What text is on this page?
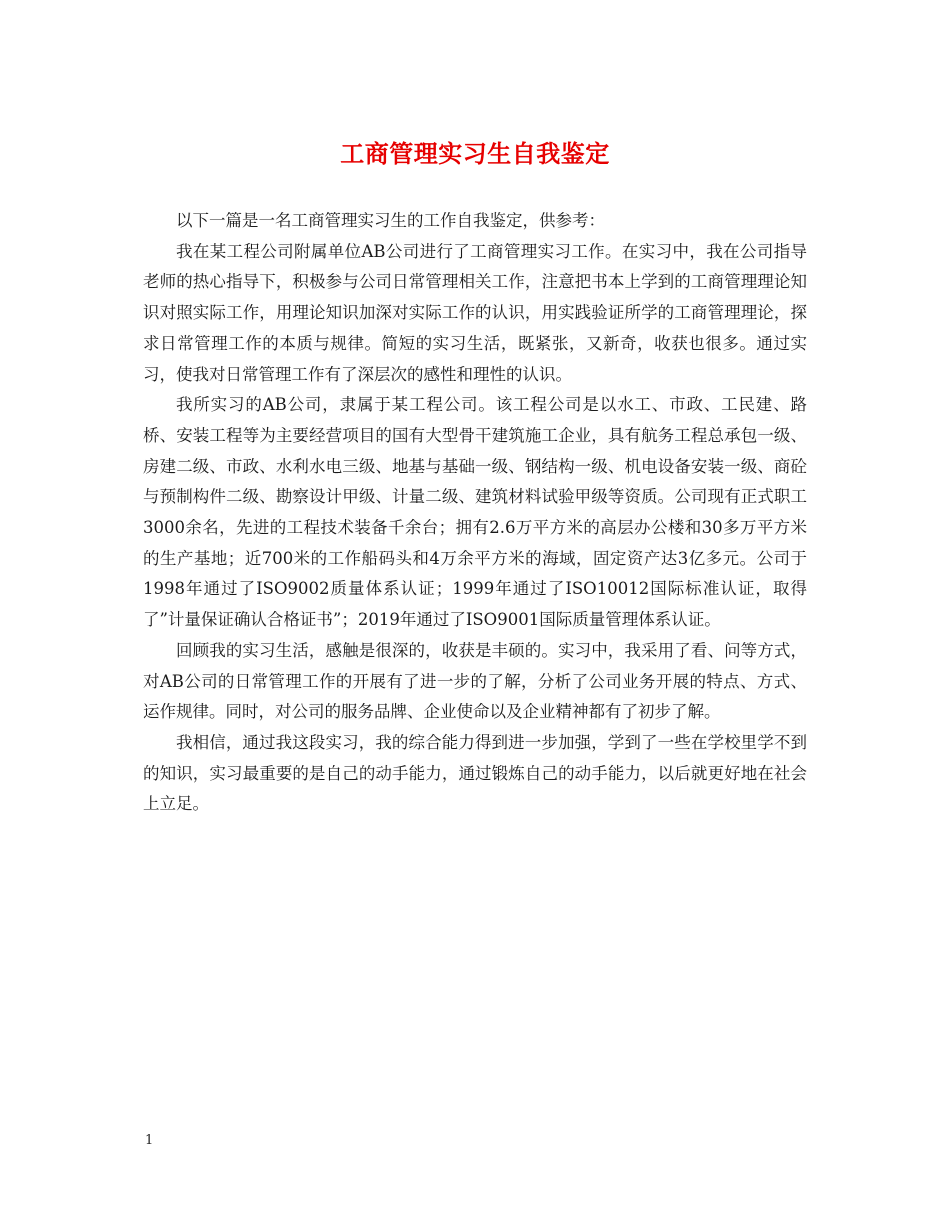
工商管理实习生自我鉴定

以下一篇是一名工商管理实习生的工作自我鉴定，供参考：

我在某工程公司附属单位AB公司进行了工商管理实习工作。在实习中，我在公司指导老师的热心指导下，积极参与公司日常管理相关工作，注意把书本上学到的工商管理理论知识对照实际工作，用理论知识加深对实际工作的认识，用实践验证所学的工商管理理论，探求日常管理工作的本质与规律。简短的实习生活，既紧张，又新奇，收获也很多。通过实习，使我对日常管理工作有了深层次的感性和理性的认识。

我所实习的AB公司，隶属于某工程公司。该工程公司是以水工、市政、工民建、路桥、安装工程等为主要经营项目的国有大型骨干建筑施工企业，具有航务工程总承包一级、房建二级、市政、水利水电三级、地基与基础一级、钢结构一级、机电设备安装一级、商砼与预制构件二级、勘察设计甲级、计量二级、建筑材料试验甲级等资质。公司现有正式职工3000余名，先进的工程技术装备千余台；拥有2.6万平方米的高层办公楼和30多万平方米的生产基地；近700米的工作船码头和4万余平方米的海域，固定资产达3亿多元。公司于1998年通过了ISO9002质量体系认证；1999年通过了ISO10012国际标准认证，取得了”计量保证确认合格证书”；2019年通过了ISO9001国际质量管理体系认证。

回顾我的实习生活，感触是很深的，收获是丰硕的。实习中，我采用了看、问等方式，对AB公司的日常管理工作的开展有了进一步的了解，分析了公司业务开展的特点、方式、运作规律。同时，对公司的服务品牌、企业使命以及企业精神都有了初步了解。

我相信，通过我这段实习，我的综合能力得到进一步加强，学到了一些在学校里学不到的知识，实习最重要的是自己的动手能力，通过锻炼自己的动手能力，以后就更好地在社会上立足。

1
